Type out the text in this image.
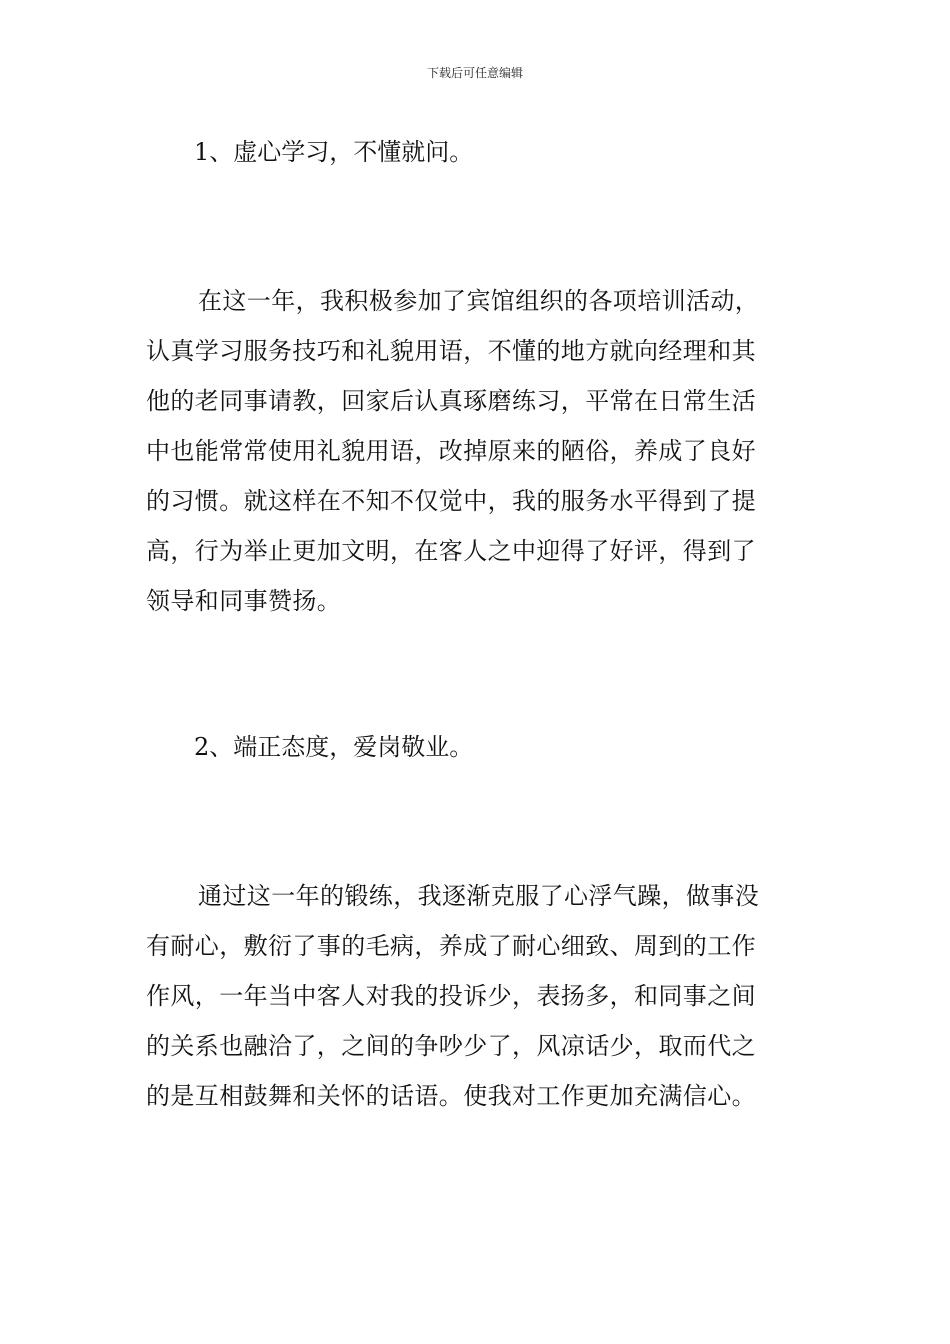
下载后可任意编辑
1、虚心学习，不懂就问。
在这一年，我积极参加了宾馆组织的各项培训活动，
认真学习服务技巧和礼貌用语，不懂的地方就向经理和其
他的老同事请教，回家后认真琢磨练习，平常在日常生活
中也能常常使用礼貌用语，改掉原来的陋俗，养成了良好
的习惯。就这样在不知不仅觉中，我的服务水平得到了提
高，行为举止更加文明，在客人之中迎得了好评，得到了
领导和同事赞扬。
2、端正态度，爱岗敬业。
通过这一年的锻练，我逐渐克服了心浮气躁，做事没
有耐心，敷衍了事的毛病，养成了耐心细致、周到的工作
作风，一年当中客人对我的投诉少，表扬多，和同事之间
的关系也融洽了，之间的争吵少了，风凉话少，取而代之
的是互相鼓舞和关怀的话语。使我对工作更加充满信心。
